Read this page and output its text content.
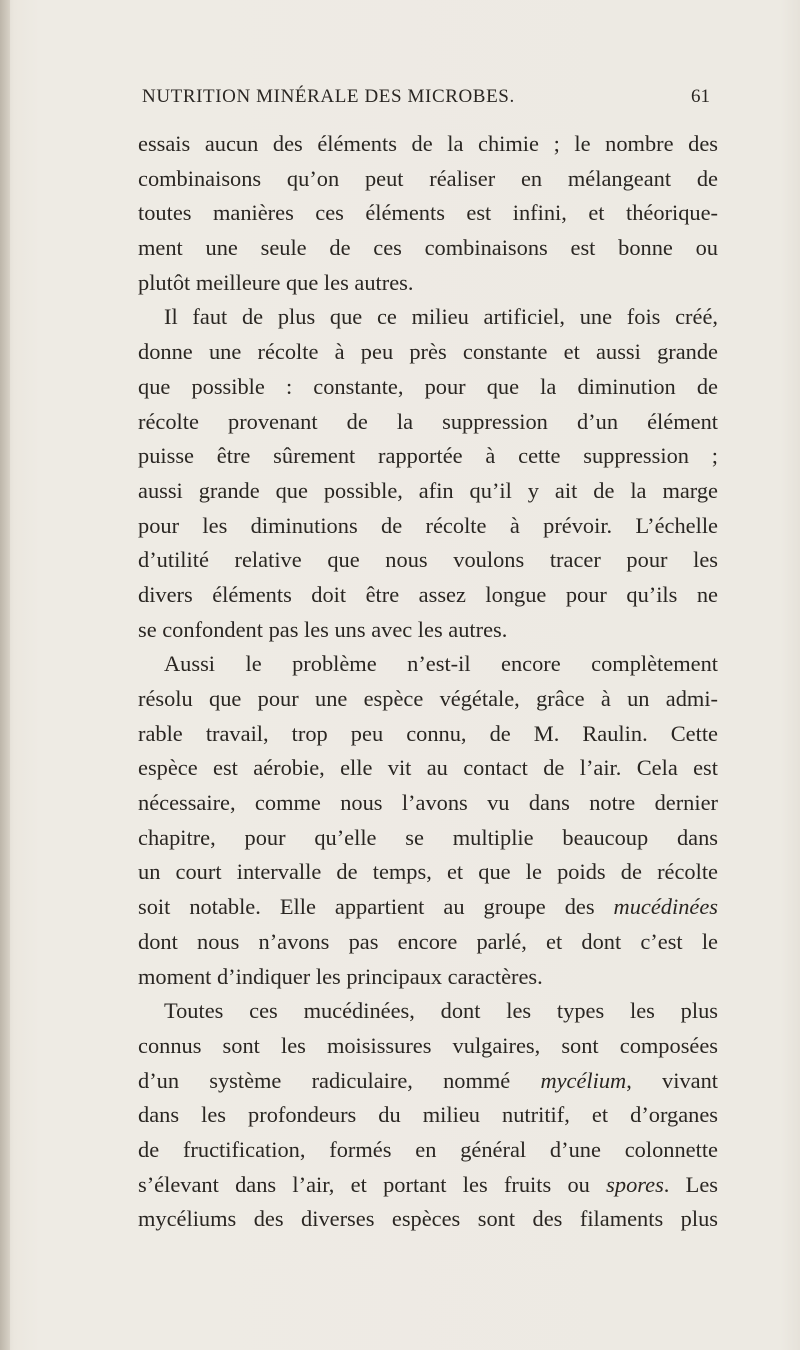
NUTRITION MINÉRALE DES MICROBES.	61
essais aucun des éléments de la chimie ; le nombre des
combinaisons qu’on peut réaliser en mélangeant de
toutes manières ces éléments est infini, et théorique-
ment une seule de ces combinaisons est bonne ou
plutôt meilleure que les autres.
Il faut de plus que ce milieu artificiel, une fois créé,
donne une récolte à peu près constante et aussi grande
que possible : constante, pour que la diminution de
récolte provenant de la suppression d’un élément
puisse être sûrement rapportée à cette suppression ;
aussi grande que possible, afin qu’il y ait de la marge
pour les diminutions de récolte à prévoir. L’échelle
d’utilité relative que nous voulons tracer pour les
divers éléments doit être assez longue pour qu’ils ne
se confondent pas les uns avec les autres.
Aussi le problème n’est-il encore complètement
résolu que pour une espèce végétale, grâce à un admi-
rable travail, trop peu connu, de M. Raulin. Cette
espèce est aérobie, elle vit au contact de l’air. Cela est
nécessaire, comme nous l’avons vu dans notre dernier
chapitre, pour qu’elle se multiplie beaucoup dans
un court intervalle de temps, et que le poids de récolte
soit notable. Elle appartient au groupe des mucédinées
dont nous n’avons pas encore parlé, et dont c’est le
moment d’indiquer les principaux caractères.
Toutes ces mucédinées, dont les types les plus
connus sont les moisissures vulgaires, sont composées
d’un système radiculaire, nommé mycélium, vivant
dans les profondeurs du milieu nutritif, et d’organes
de fructification, formés en général d’une colonnette
s’élevant dans l’air, et portant les fruits ou spores. Les
mycéliums des diverses espèces sont des filaments plus
